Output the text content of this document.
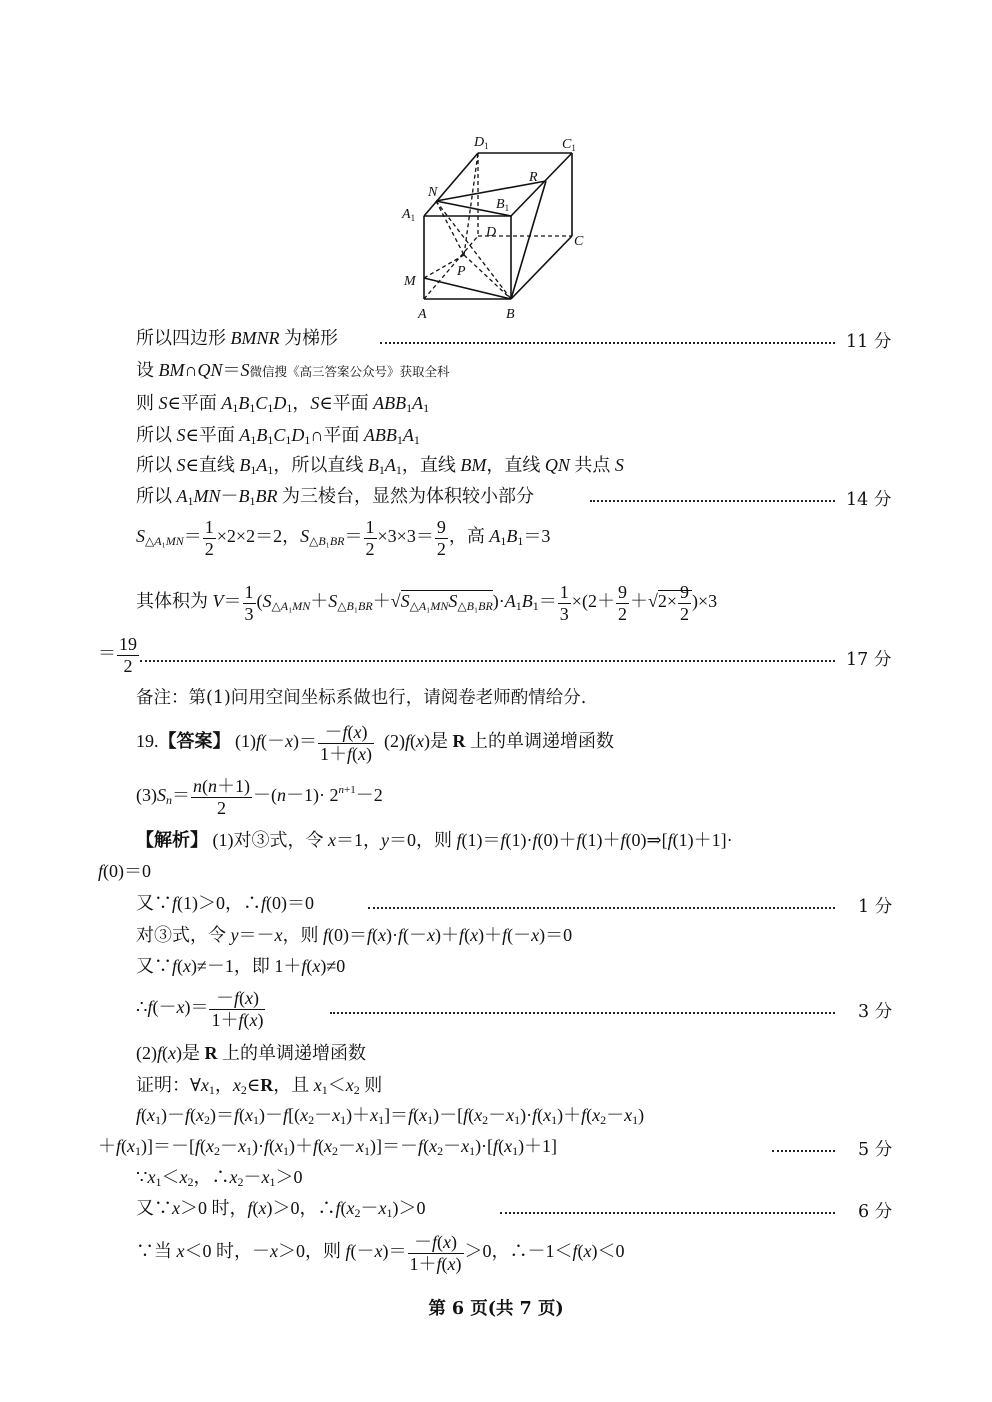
$D_1$	$C_1$
N
R
$B_1$
$A_1$
D
C
P
M
A	B
所以四边形 BMNR 为梯形	11 分
设 BM∩QN＝S微信搜《高三答案公众号》获取全科
则 S∈平面 $A_1B_1C_1D_1$，S∈平面 $ABB_1A_1$
所以 S∈平面 $A_1B_1C_1D_1\cap$平面 $ABB_1A_1$
所以 S∈直线 $B_1A_1$，所以直线 $B_1A_1$，直线 BM，直线 QN 共点 S
所以 $A_1MN-B_1BR$ 为三棱台，显然为体积较小部分	14 分
$S_{\triangle A_1MN}= \frac{1}{2} \times 2\times 2=2$，$S_{\triangle B_1BR}= \frac{1}{2} \times 3\times 3= \frac{9}{2}$ ，高 $A_1B_1=3$
其体积为 $V= \frac{1}{3} (S_{\triangle A_1MN}+S_{\triangle B_1BR}+√S_{\triangle A_1MN}S_{\triangle B_1BR})\cdot A_1B_1= \frac{1}{3} \times(2+ \frac{9}{2} +√2\times \frac{9}{2} )\times 3$
＝ $\frac{19}{2}$	17 分
备注：第(1)问用空间坐标系做也行，请阅卷老师酌情给分.
19.【答案】 $(1)f(-x)= \frac{-f(x)}{1+f(x)} (2)f(x)$是 R 上的单调递增函数
$(3)S_n= \frac{n(n+1)}{2} -(n-1)\cdot 2^{n+1}-2$
【解析】 (1)对③式，令 x＝1，y＝0，则 f(1)＝f(1)·f(0)＋f(1)＋f(0)⇒[f(1)＋1]·
f(0)＝0
又∵f(1)＞0，∴f(0)＝0	1 分
对③式，令 y＝－x，则 f(0)＝f(x)·f(－x)＋f(x)＋f(－x)＝0
又∵f(x)≠－1，即 1＋f(x)≠0
∴f(－x)＝ $\frac{-f(x)}{1+f(x)}$	3 分
(2)f(x)是 R 上的单调递增函数
证明：$\forall x_1$，$x_2\in R$，且 $x_1<x_2$ 则
$f(x_1)-f(x_2)=f(x_1)-f[(x_2-x_1)+x_1]=f(x_1)-[f(x_2-x_1)\cdot f(x_1)+f(x_2-x_1)$
$+f(x_1)]=-[f(x_2-x_1)\cdot f(x_1)+f(x_2-x_1)]=-f(x_2-x_1)\cdot[f(x_1)+1]$	5 分
$\because x_1<x_2$，$\therefore x_2-x_1>0$
又∵x＞0 时，f(x)＞0，$\therefore f(x_2-x_1)>0$	6 分
∵当 x＜0 时，－x＞0，则 $f(-x)= \frac{-f(x)}{1+f(x)} >0$，∴－1＜f(x)＜0
第 6 页(共 7 页)
